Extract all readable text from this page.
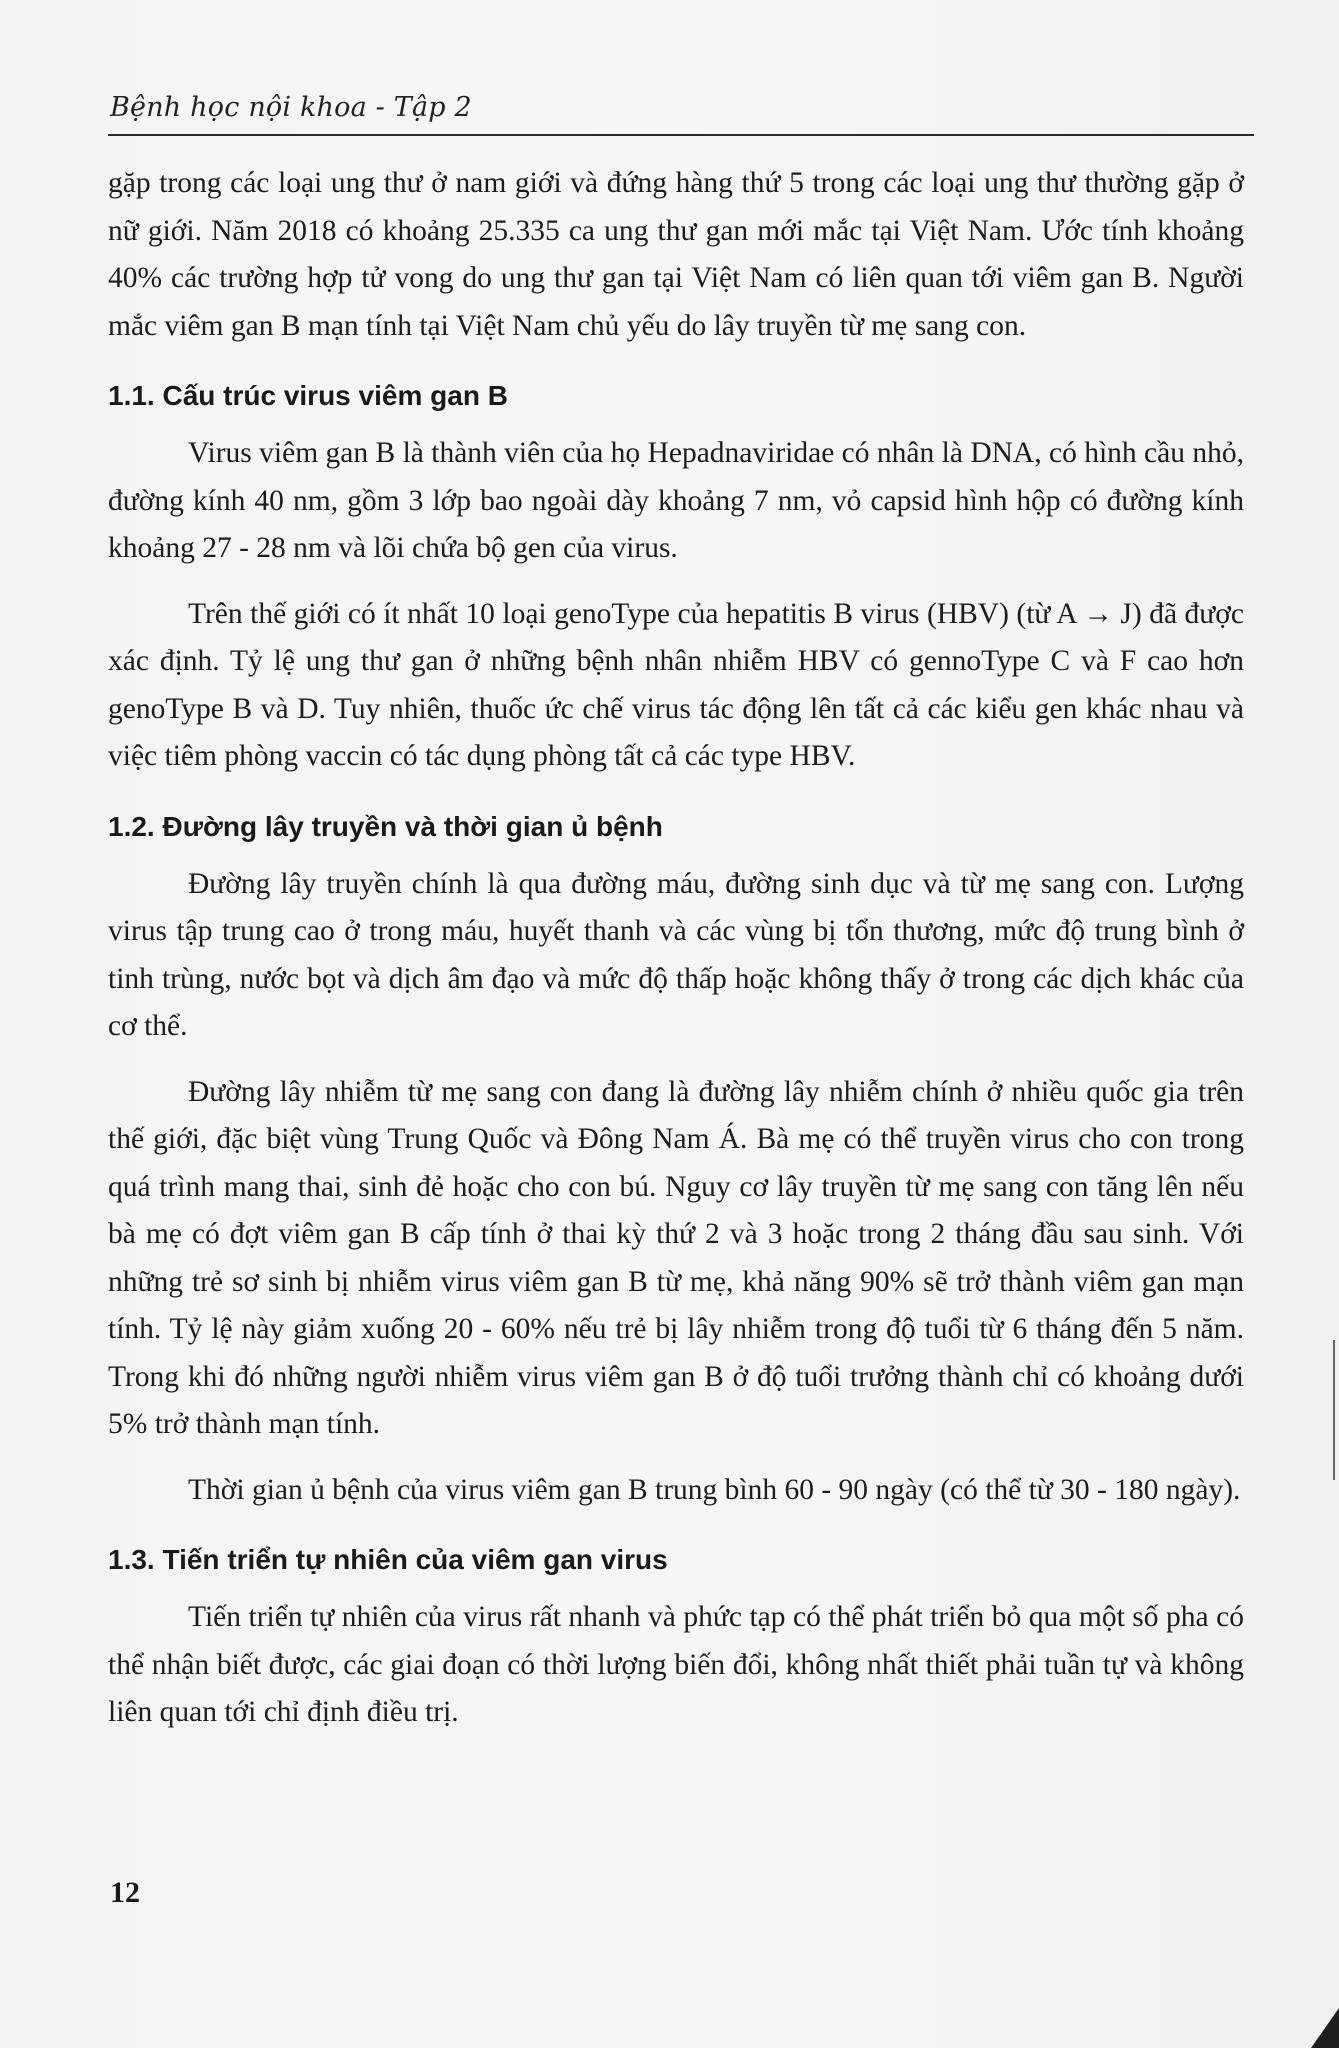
Bệnh học nội khoa - Tập 2

gặp trong các loại ung thư ở nam giới và đứng hàng thứ 5 trong các loại ung thư thường gặp ở nữ giới. Năm 2018 có khoảng 25.335 ca ung thư gan mới mắc tại Việt Nam. Ước tính khoảng 40% các trường hợp tử vong do ung thư gan tại Việt Nam có liên quan tới viêm gan B. Người mắc viêm gan B mạn tính tại Việt Nam chủ yếu do lây truyền từ mẹ sang con.

1.1. Cấu trúc virus viêm gan B

Virus viêm gan B là thành viên của họ Hepadnaviridae có nhân là DNA, có hình cầu nhỏ, đường kính 40 nm, gồm 3 lớp bao ngoài dày khoảng 7 nm, vỏ capsid hình hộp có đường kính khoảng 27 - 28 nm và lõi chứa bộ gen của virus.

Trên thế giới có ít nhất 10 loại genoType của hepatitis B virus (HBV) (từ A → J) đã được xác định. Tỷ lệ ung thư gan ở những bệnh nhân nhiễm HBV có gennoType C và F cao hơn genoType B và D. Tuy nhiên, thuốc ức chế virus tác động lên tất cả các kiểu gen khác nhau và việc tiêm phòng vaccin có tác dụng phòng tất cả các type HBV.

1.2. Đường lây truyền và thời gian ủ bệnh

Đường lây truyền chính là qua đường máu, đường sinh dục và từ mẹ sang con. Lượng virus tập trung cao ở trong máu, huyết thanh và các vùng bị tổn thương, mức độ trung bình ở tinh trùng, nước bọt và dịch âm đạo và mức độ thấp hoặc không thấy ở trong các dịch khác của cơ thể.

Đường lây nhiễm từ mẹ sang con đang là đường lây nhiễm chính ở nhiều quốc gia trên thế giới, đặc biệt vùng Trung Quốc và Đông Nam Á. Bà mẹ có thể truyền virus cho con trong quá trình mang thai, sinh đẻ hoặc cho con bú. Nguy cơ lây truyền từ mẹ sang con tăng lên nếu bà mẹ có đợt viêm gan B cấp tính ở thai kỳ thứ 2 và 3 hoặc trong 2 tháng đầu sau sinh. Với những trẻ sơ sinh bị nhiễm virus viêm gan B từ mẹ, khả năng 90% sẽ trở thành viêm gan mạn tính. Tỷ lệ này giảm xuống 20 - 60% nếu trẻ bị lây nhiễm trong độ tuổi từ 6 tháng đến 5 năm. Trong khi đó những người nhiễm virus viêm gan B ở độ tuổi trưởng thành chỉ có khoảng dưới 5% trở thành mạn tính.

Thời gian ủ bệnh của virus viêm gan B trung bình 60 - 90 ngày (có thể từ 30 - 180 ngày).

1.3. Tiến triển tự nhiên của viêm gan virus

Tiến triển tự nhiên của virus rất nhanh và phức tạp có thể phát triển bỏ qua một số pha có thể nhận biết được, các giai đoạn có thời lượng biến đổi, không nhất thiết phải tuần tự và không liên quan tới chỉ định điều trị.

12
